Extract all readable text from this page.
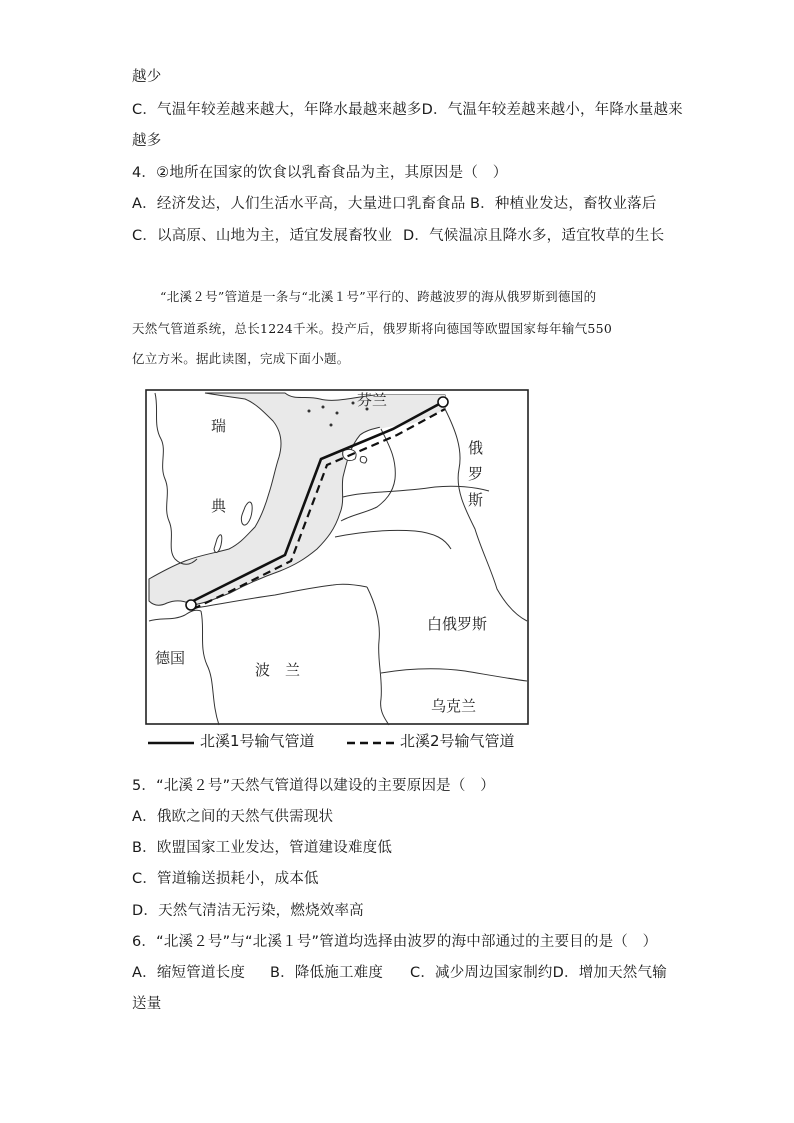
越少
C．气温年较差越来越大，年降水最越来越多D．气温年较差越来越小，年降水量越来
越多
4．②地所在国家的饮食以乳畜食品为主，其原因是（　）
A．经济发达，人们生活水平高，大量进口乳畜食品 B．种植业发达，畜牧业落后
C．以高原、山地为主，适宜发展畜牧业 D．气候温凉且降水多，适宜牧草的生长
“北溪２号”管道是一条与“北溪１号”平行的、跨越波罗的海从俄罗斯到德国的
天然气管道系统，总长1224千米。投产后，俄罗斯将向德国等欧盟国家每年输气550
亿立方米。据此读图，完成下面小题。
芬兰
瑞
典
俄
罗
斯
白俄罗斯
德国
波　兰
乌克兰
北溪1号输气管道	北溪2号输气管道
5．“北溪２号”天然气管道得以建设的主要原因是（　）
A．俄欧之间的天然气供需现状
B．欧盟国家工业发达，管道建设难度低
C．管道输送损耗小，成本低
D．天然气清洁无污染，燃烧效率高
6．“北溪２号”与“北溪１号”管道均选择由波罗的海中部通过的主要目的是（　）
A．缩短管道长度 B．降低施工难度 C．减少周边国家制约D．增加天然气输
送量
